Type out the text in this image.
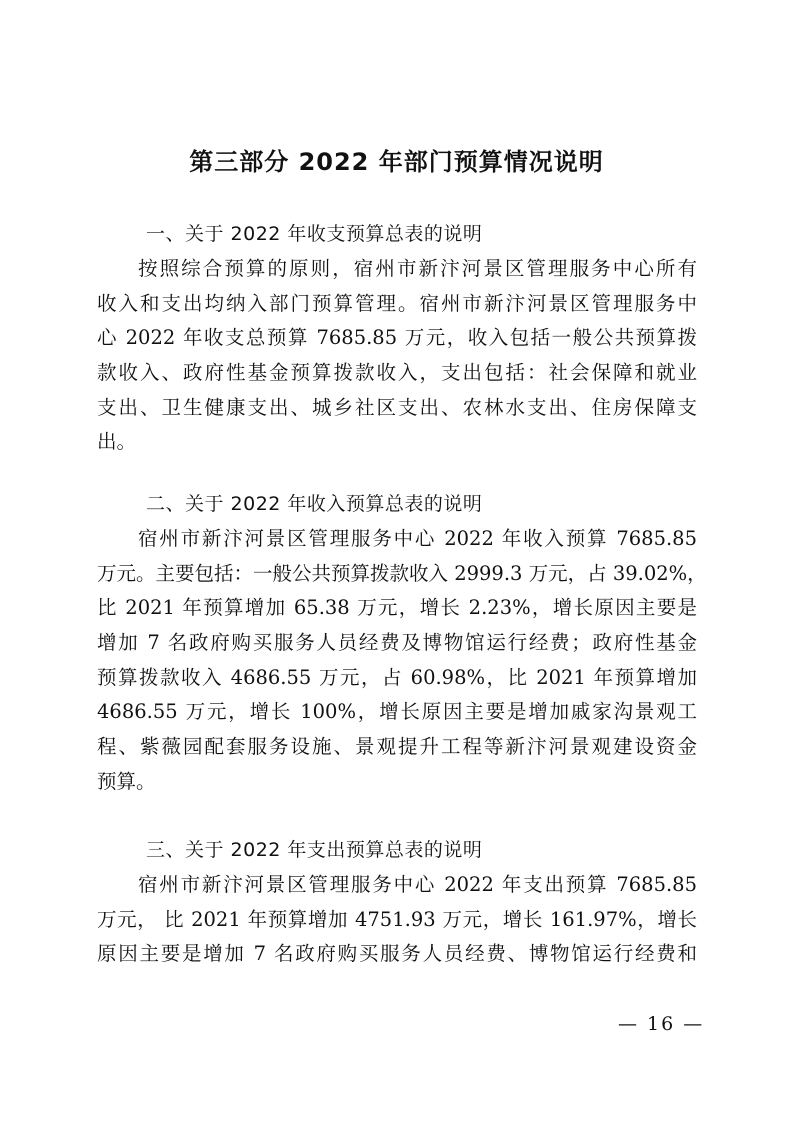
第三部分 2022 年部门预算情况说明
一、关于 2022 年收支预算总表的说明
按照综合预算的原则，宿州市新汴河景区管理服务中心所有
收入和支出均纳入部门预算管理。宿州市新汴河景区管理服务中
心 2022 年收支总预算 7685.85 万元，收入包括一般公共预算拨
款收入、政府性基金预算拨款收入，支出包括：社会保障和就业
支出、卫生健康支出、城乡社区支出、农林水支出、住房保障支
出。
二、关于 2022 年收入预算总表的说明
宿州市新汴河景区管理服务中心 2022 年收入预算 7685.85
万元。主要包括：一般公共预算拨款收入 2999.3 万元，占 39.02%，
比 2021 年预算增加 65.38 万元，增长 2.23%，增长原因主要是
增加 7 名政府购买服务人员经费及博物馆运行经费；政府性基金
预算拨款收入 4686.55 万元，占 60.98%，比 2021 年预算增加
4686.55 万元，增长 100%，增长原因主要是增加戚家沟景观工
程、紫薇园配套服务设施、景观提升工程等新汴河景观建设资金
预算。
三、关于 2022 年支出预算总表的说明
宿州市新汴河景区管理服务中心 2022 年支出预算 7685.85
万元， 比 2021 年预算增加 4751.93 万元，增长 161.97%，增长
原因主要是增加 7 名政府购买服务人员经费、博物馆运行经费和
— 16 —
